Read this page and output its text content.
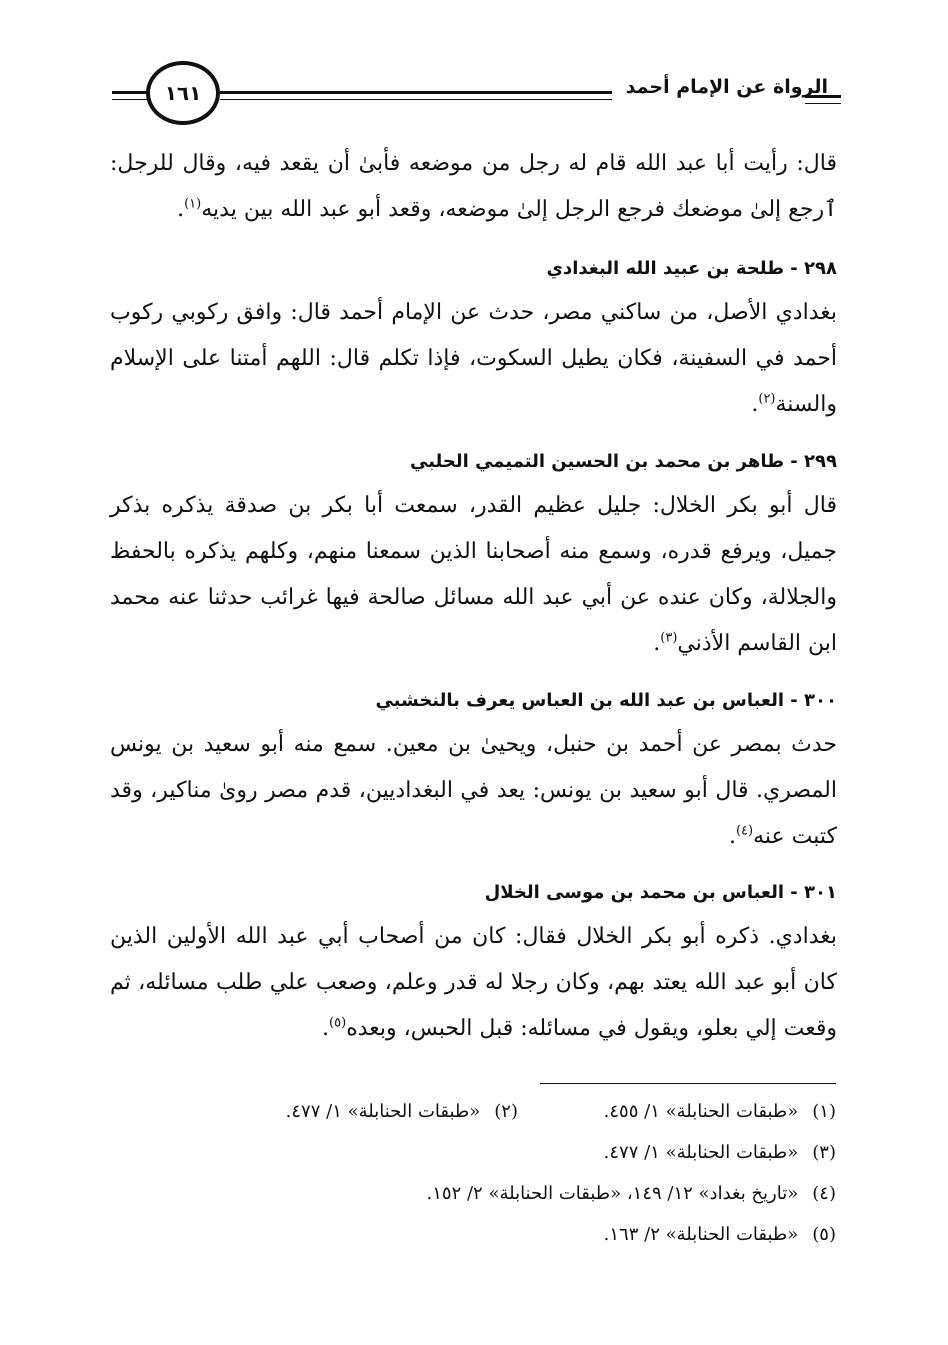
الرواة عن الإمام أحمد
١٦١

قال: رأيت أبا عبد الله قام له رجل من موضعه فأبىٰ أن يقعد فيه، وقال للرجل: ٱرجع إلىٰ موضعك فرجع الرجل إلىٰ موضعه، وقعد أبو عبد الله بين يديه$^{(١)}$.

٢٩٨ - طلحة بن عبيد الله البغدادي

بغدادي الأصل، من ساكني مصر، حدث عن الإمام أحمد قال: وافق ركوبي ركوب أحمد في السفينة، فكان يطيل السكوت، فإذا تكلم قال: اللهم أمتنا على الإسلام والسنة$^{(٢)}$.

٢٩٩ - طاهر بن محمد بن الحسين التميمي الحلبي

قال أبو بكر الخلال: جليل عظيم القدر، سمعت أبا بكر بن صدقة يذكره بذكر جميل، ويرفع قدره، وسمع منه أصحابنا الذين سمعنا منهم، وكلهم يذكره بالحفظ والجلالة، وكان عنده عن أبي عبد الله مسائل صالحة فيها غرائب حدثنا عنه محمد ابن القاسم الأذني$^{(٣)}$.

٣٠٠ - العباس بن عبد الله بن العباس يعرف بالنخشبي

حدث بمصر عن أحمد بن حنبل، ويحيىٰ بن معين. سمع منه أبو سعيد بن يونس المصري. قال أبو سعيد بن يونس: يعد في البغداديين، قدم مصر روىٰ مناكير، وقد كتبت عنه$^{(٤)}$.

٣٠١ - العباس بن محمد بن موسى الخلال

بغدادي. ذكره أبو بكر الخلال فقال: كان من أصحاب أبي عبد الله الأولين الذين كان أبو عبد الله يعتد بهم، وكان رجلا له قدر وعلم، وصعب علي طلب مسائله، ثم وقعت إلي بعلو، ويقول في مسائله: قبل الحبس، وبعده$^{(٥)}$.

(١)«طبقات الحنابلة» ١/ ٤٥٥.
(٢)«طبقات الحنابلة» ١/ ٤٧٧.
(٣)«طبقات الحنابلة» ١/ ٤٧٧.
(٤)«تاريخ بغداد» ١٢/ ١٤٩، «طبقات الحنابلة» ٢/ ١٥٢.
(٥)«طبقات الحنابلة» ٢/ ١٦٣.
